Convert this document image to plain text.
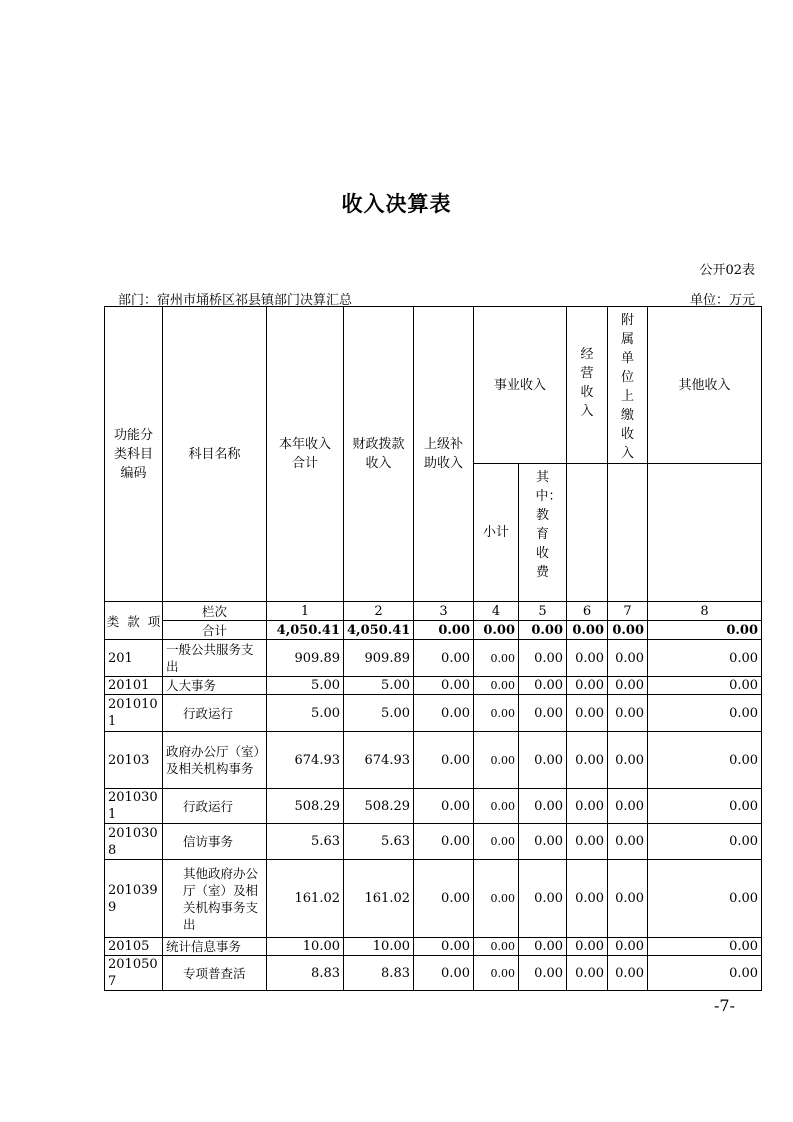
收入决算表
公开02表
部门：宿州市埇桥区祁县镇部门决算汇总	单位：万元
功能分类科目编码	科目名称	本年收入合计	财政拨款收入	上级补助收入	事业收入		经营收入	附属单位上缴收入	其他收入
					小计	其中：教育收费			

类 款 项	栏次	1	2	3	4	5	6	7	8
	合计	4,050.41	4,050.41	0.00	0.00	0.00	0.00	0.00	0.00
201	一般公共服务支出	909.89	909.89	0.00	0.00	0.00	0.00	0.00	0.00
20101	人大事务	5.00	5.00	0.00	0.00	0.00	0.00	0.00	0.00
2010101	行政运行	5.00	5.00	0.00	0.00	0.00	0.00	0.00	0.00
20103	政府办公厅（室）及相关机构事务	674.93	674.93	0.00	0.00	0.00	0.00	0.00	0.00
2010301	行政运行	508.29	508.29	0.00	0.00	0.00	0.00	0.00	0.00
2010308	信访事务	5.63	5.63	0.00	0.00	0.00	0.00	0.00	0.00
2010399	其他政府办公厅（室）及相关机构事务支出	161.02	161.02	0.00	0.00	0.00	0.00	0.00	0.00
20105	统计信息事务	10.00	10.00	0.00	0.00	0.00	0.00	0.00	0.00
2010507	专项普查活	8.83	8.83	0.00	0.00	0.00	0.00	0.00	0.00
-7-
